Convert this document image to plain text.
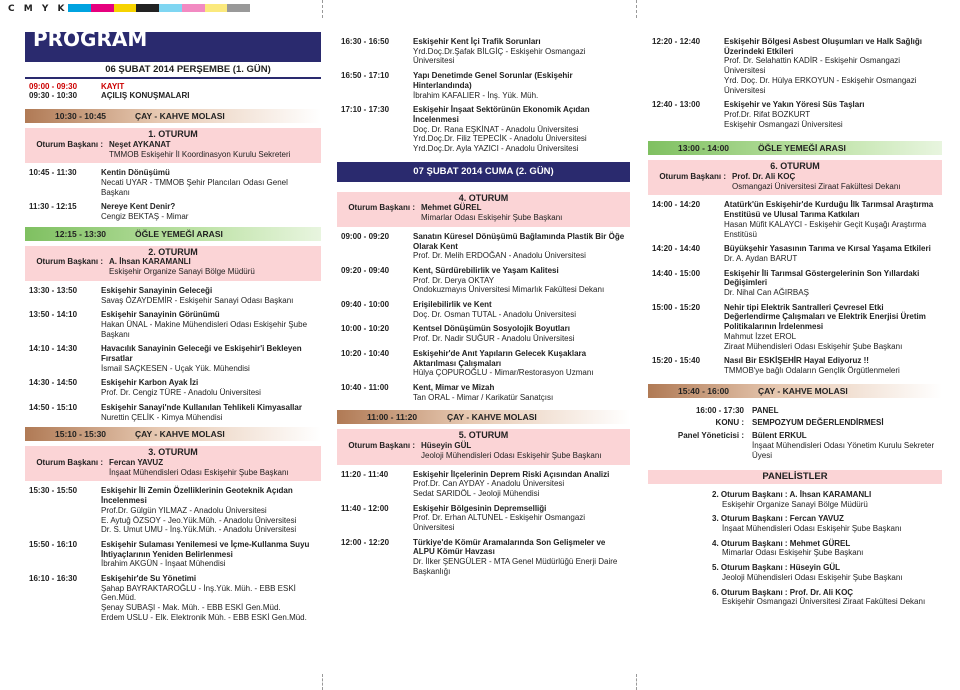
C M Y K
PROGRAM
06 ŞUBAT 2014 PERŞEMBE (1. GÜN)
09:00 - 09:30	KAYIT
09:30 - 10:30	AÇILIŞ KONUŞMALARI
10:30 - 10:45	ÇAY - KAHVE MOLASI
1. OTURUM
Oturum Başkanı : Neşet AYKANAT
TMMOB Eskişehir İl Koordinasyon Kurulu Sekreteri
10:45 - 11:30	Kentin Dönüşümü
Necati UYAR - TMMOB Şehir Plancıları Odası Genel Başkanı
11:30 - 12:15	Nereye Kent Denir?
Cengiz BEKTAŞ - Mimar
12:15 - 13:30	ÖĞLE YEMEĞİ ARASI
2. OTURUM
Oturum Başkanı : A. İhsan KARAMANLI
Eskişehir Organize Sanayi Bölge Müdürü
13:30 - 13:50	Eskişehir Sanayinin Geleceği
Savaş ÖZAYDEMİR - Eskişehir Sanayi Odası Başkanı
13:50 - 14:10	Eskişehir Sanayinin Görünümü
Hakan ÜNAL - Makine Mühendisleri Odası Eskişehir Şube Başkanı
14:10 - 14:30	Havacılık Sanayinin Geleceği ve Eskişehir'i Bekleyen Fırsatlar
İsmail SAÇKESEN - Uçak Yük. Mühendisi
14:30 - 14:50	Eskişehir Karbon Ayak İzi
Prof. Dr. Cengiz TÜRE - Anadolu Üniversitesi
14:50 - 15:10	Eskişehir Sanayi'nde Kullanılan Tehlikeli Kimyasallar
Nurettin ÇELİK - Kimya Mühendisi
15:10 - 15:30	ÇAY - KAHVE MOLASI
3. OTURUM
Oturum Başkanı : Fercan YAVUZ
İnşaat Mühendisleri Odası Eskişehir Şube Başkanı
15:30 - 15:50	Eskişehir İli Zemin Özelliklerinin Geoteknik Açıdan İncelenmesi
Prof.Dr. Gülgün YILMAZ - Anadolu Üniversitesi
E. Aytuğ ÖZSOY - Jeo.Yük.Müh. - Anadolu Üniversitesi
Dr. S. Umut UMU - İnş.Yük.Müh. - Anadolu Üniversitesi
15:50 - 16:10	Eskişehir Sulaması Yenilemesi ve İçme-Kullanma Suyu İhtiyaçlarının Yeniden Belirlenmesi
İbrahim AKGÜN - İnşaat Mühendisi
16:10 - 16:30	Eskişehir'de Su Yönetimi
Şahap BAYRAKTAROĞLU - İnş.Yük. Müh. - EBB ESKİ Gen.Müd.
Şenay SUBAŞI - Mak. Müh. - EBB ESKİ Gen.Müd.
Erdem USLU - Elk. Elektronik Müh. - EBB ESKİ Gen.Müd.
16:30 - 16:50	Eskişehir Kent İçi Trafik Sorunları
Yrd.Doç.Dr.Şafak BİLGİÇ - Eskişehir Osmangazi Üniversitesi
16:50 - 17:10	Yapı Denetimde Genel Sorunlar (Eskişehir Hinterlandında)
İbrahim KAFALIER - İnş. Yük. Müh.
17:10 - 17:30	Eskişehir İnşaat Sektörünün Ekonomik Açıdan İncelenmesi
Doç. Dr. Rana EŞKİNAT - Anadolu Üniversitesi
Yrd.Doç.Dr. Filiz TEPECİK - Anadolu Üniversitesi
Yrd.Doç.Dr. Ayla YAZICI - Anadolu Üniversitesi
07 ŞUBAT 2014 CUMA (2. GÜN)
4. OTURUM
Oturum Başkanı : Mehmet GÜREL
Mimarlar Odası Eskişehir Şube Başkanı
09:00 - 09:20	Sanatın Küresel Dönüşümü Bağlamında Plastik Bir Öğe Olarak Kent
Prof. Dr. Melih ERDOĞAN - Anadolu Üniversitesi
09:20 - 09:40	Kent, Sürdürebilirlik ve Yaşam Kalitesi
Prof. Dr. Derya OKTAY
Ondokuzmayıs Üniversitesi Mimarlık Fakültesi Dekanı
09:40 - 10:00	Erişilebilirlik ve Kent
Doç. Dr. Osman TUTAL - Anadolu Üniversitesi
10:00 - 10:20	Kentsel Dönüşümün Sosyolojik Boyutları
Prof. Dr. Nadir SUĞUR - Anadolu Üniversitesi
10:20 - 10:40	Eskişehir'de Anıt Yapıların Gelecek Kuşaklara Aktarılması Çalışmaları
Hülya ÇOPUROĞLU - Mimar/Restorasyon Uzmanı
10:40 - 11:00	Kent, Mimar ve Mizah
Tan ORAL - Mimar / Karikatür Sanatçısı
11:00 - 11:20	ÇAY - KAHVE MOLASI
5. OTURUM
Oturum Başkanı : Hüseyin GÜL
Jeoloji Mühendisleri Odası Eskişehir Şube Başkanı
11:20 - 11:40	Eskişehir İlçelerinin Deprem Riski Açısından Analizi
Prof.Dr. Can AYDAY - Anadolu Üniversitesi
Sedat SARIDÖL - Jeoloji Mühendisi
11:40 - 12:00	Eskişehir Bölgesinin Depremselliği
Prof. Dr. Erhan ALTUNEL - Eskişehir Osmangazi Üniversitesi
12:00 - 12:20	Türkiye'de Kömür Aramalarında Son Gelişmeler ve ALPU Kömür Havzası
Dr. İlker ŞENGÜLER - MTA Genel Müdürlüğü Enerji Daire Başkanlığı
12:20 - 12:40	Eskişehir Bölgesi Asbest Oluşumları ve Halk Sağlığı Üzerindeki Etkileri
Prof. Dr. Selahattin KADİR - Eskişehir Osmangazi Üniversitesi
Yrd. Doç. Dr. Hülya ERKOYUN - Eskişehir Osmangazi Üniversitesi
12:40 - 13:00	Eskişehir ve Yakın Yöresi Süs Taşları
Prof.Dr. Rifat BOZKURT
Eskişehir Osmangazi Üniversitesi
13:00 - 14:00	ÖĞLE YEMEĞİ ARASI
6. OTURUM
Oturum Başkanı : Prof. Dr. Ali KOÇ
Osmangazi Üniversitesi Ziraat Fakültesi Dekanı
14:00 - 14:20	Atatürk'ün Eskişehir'de Kurduğu İlk Tarımsal Araştırma Enstitüsü ve Ulusal Tarıma Katkıları
Hasan Müfit KALAYCI - Eskişehir Geçit Kuşağı Araştırma Enstitüsü
14:20 - 14:40	Büyükşehir Yasasının Tarıma ve Kırsal Yaşama Etkileri
Dr. A. Aydan BARUT
14:40 - 15:00	Eskişehir İli Tarımsal Göstergelerinin Son Yıllardaki Değişimleri
Dr. Nihal Can AĞIRBAŞ
15:00 - 15:20	Nehir tipi Elektrik Santralleri Çevresel Etki Değerlendirme Çalışmaları ve Elektrik Enerjisi Üretim Politikalarının İrdelenmesi
Mahmut İzzet EROL
Ziraat Mühendisleri Odası Eskişehir Şube Başkanı
15:20 - 15:40	Nasıl Bir ESKİŞEHİR Hayal Ediyoruz !!
TMMOB'ye bağlı Odaların Gençlik Örgütlenmeleri
15:40 - 16:00	ÇAY - KAHVE MOLASI
16:00 - 17:30	PANEL
KONU :	SEMPOZYUM DEĞERLENDİRMESİ
Panel Yöneticisi :	Bülent ERKUL
İnşaat Mühendisleri Odası Yönetim Kurulu Sekreter Üyesi
PANELİSTLER
2. Oturum Başkanı : A. İhsan KARAMANLI
Eskişehir Organize Sanayi Bölge Müdürü
3. Oturum Başkanı : Fercan YAVUZ
İnşaat Mühendisleri Odası Eskişehir Şube Başkanı
4. Oturum Başkanı : Mehmet GÜREL
Mimarlar Odası Eskişehir Şube Başkanı
5. Oturum Başkanı : Hüseyin GÜL
Jeoloji Mühendisleri Odası Eskişehir Şube Başkanı
6. Oturum Başkanı : Prof. Dr. Ali KOÇ
Eskişehir Osmangazi Üniversitesi Ziraat Fakültesi Dekanı
